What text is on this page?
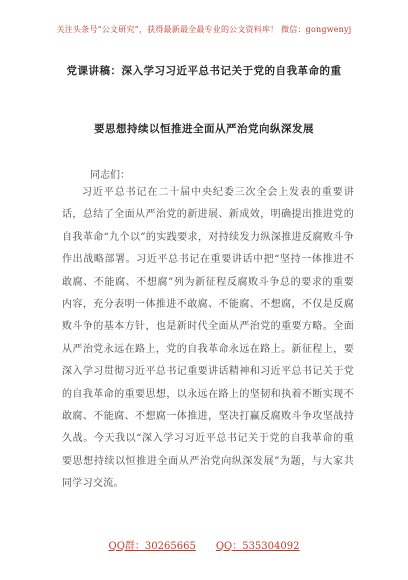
关注头条号“公文研究”，获得最新最全最专业的公文资料库！ 微信：gongwenyj
党课讲稿：深入学习习近平总书记关于党的自我革命的重
要思想持续以恒推进全面从严治党向纵深发展
同志们：

习近平总书记在二十届中央纪委三次全会上发表的重要讲话，总结了全面从严治党的新进展、新成效，明确提出推进党的自我革命“九个以”的实践要求，对持续发力纵深推进反腐败斗争作出战略部署。习近平总书记在重要讲话中把“坚持一体推进不敢腐、不能腐、不想腐”列为新征程反腐败斗争总的要求的重要内容，充分表明一体推进不敢腐、不能腐、不想腐，不仅是反腐败斗争的基本方针，也是新时代全面从严治党的重要方略。全面从严治党永远在路上，党的自我革命永远在路上。新征程上，要深入学习贯彻习近平总书记重要讲话精神和习近平总书记关于党的自我革命的重要思想，以永远在路上的坚韧和执着不断实现不敢腐、不能腐、不想腐一体推进，坚决打赢反腐败斗争攻坚战持久战。今天我以“深入学习习近平总书记关于党的自我革命的重要思想持续以恒推进全面从严治党向纵深发展”为题，与大家共同学习交流。

QQ群：30265665 QQ：535304092
